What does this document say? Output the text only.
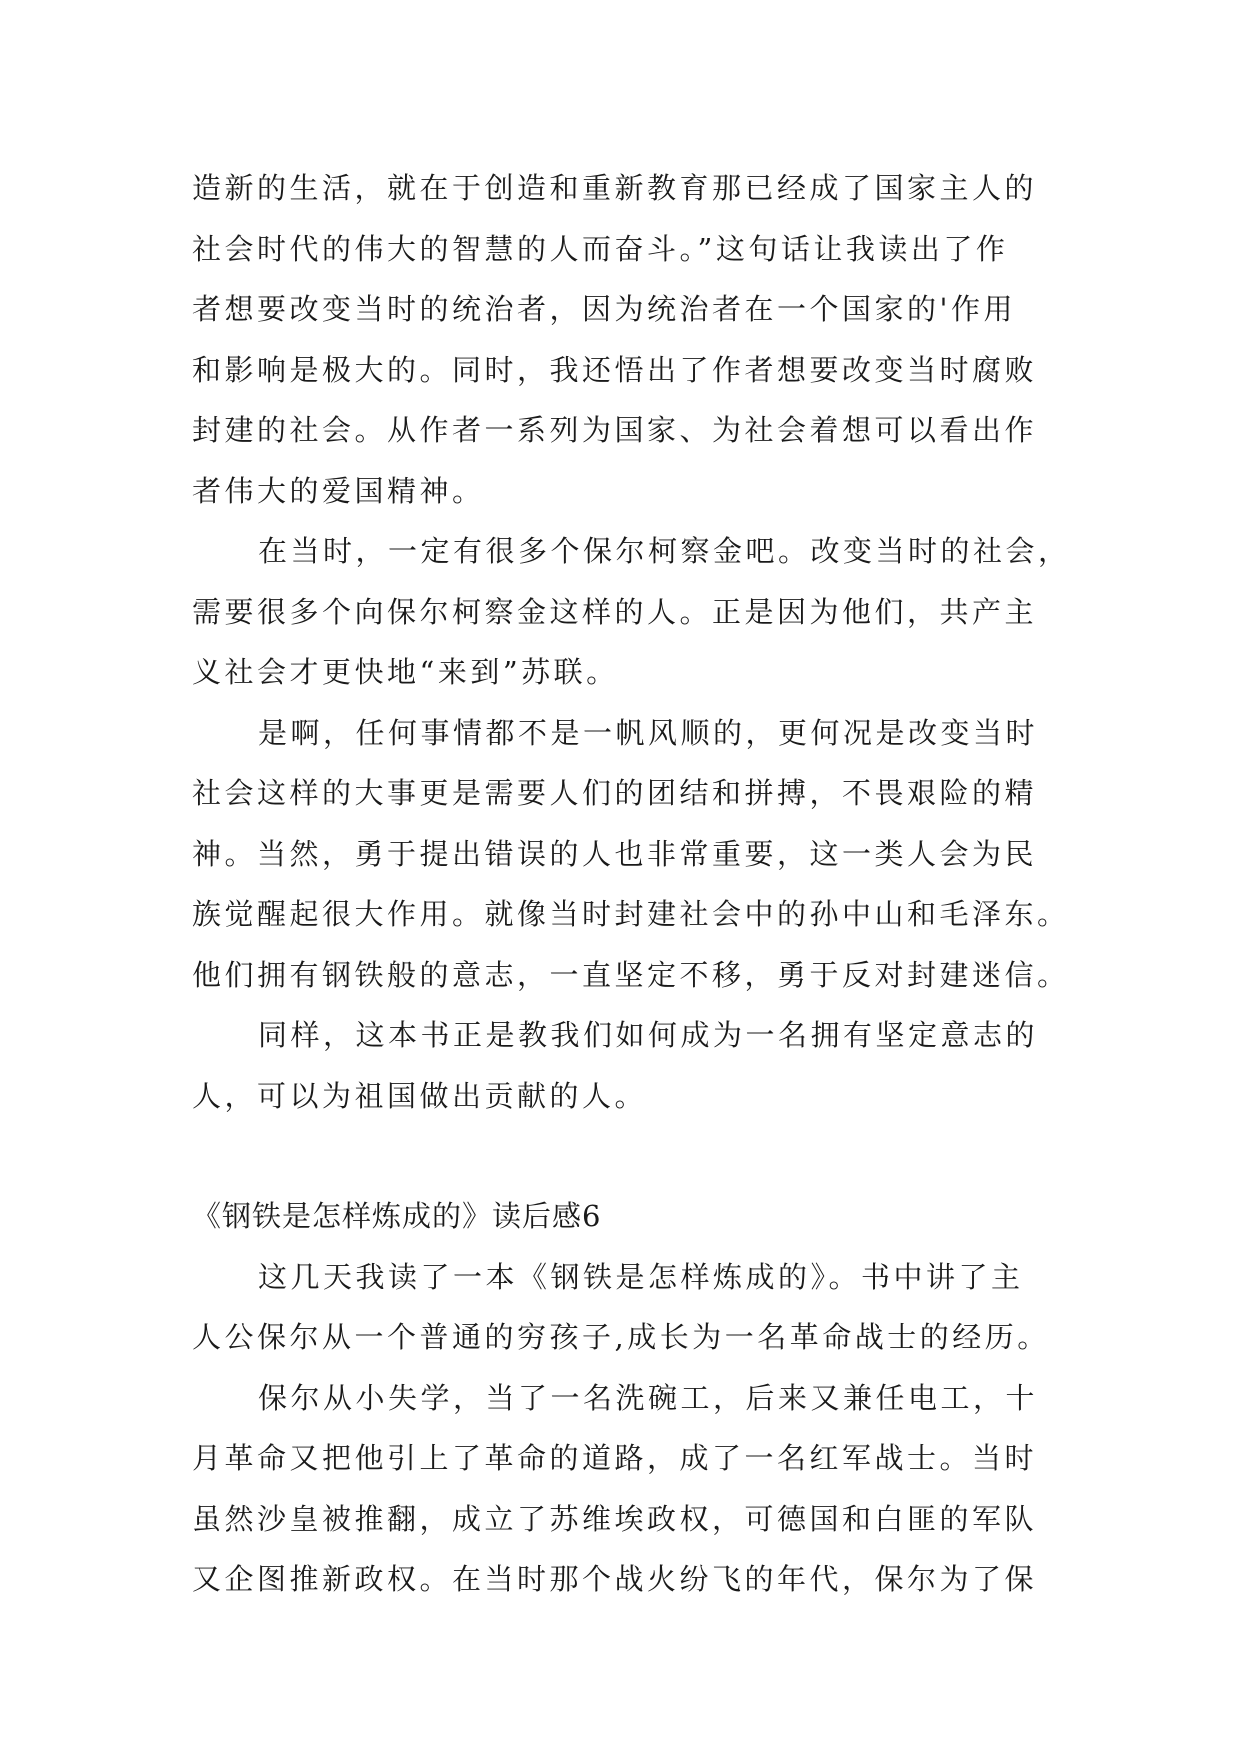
造新的生活，就在于创造和重新教育那已经成了国家主人的
社会时代的伟大的智慧的人而奋斗。”这句话让我读出了作
者想要改变当时的统治者，因为统治者在一个国家的'作用
和影响是极大的。同时，我还悟出了作者想要改变当时腐败
封建的社会。从作者一系列为国家、为社会着想可以看出作
者伟大的爱国精神。
在当时，一定有很多个保尔柯察金吧。改变当时的社会，
需要很多个向保尔柯察金这样的人。正是因为他们，共产主
义社会才更快地“来到”苏联。
是啊，任何事情都不是一帆风顺的，更何况是改变当时
社会这样的大事更是需要人们的团结和拼搏，不畏艰险的精
神。当然，勇于提出错误的人也非常重要，这一类人会为民
族觉醒起很大作用。就像当时封建社会中的孙中山和毛泽东。
他们拥有钢铁般的意志，一直坚定不移，勇于反对封建迷信。
同样，这本书正是教我们如何成为一名拥有坚定意志的
人，可以为祖国做出贡献的人。
《钢铁是怎样炼成的》读后感6
这几天我读了一本《钢铁是怎样炼成的》。书中讲了主
人公保尔从一个普通的穷孩子,成长为一名革命战士的经历。
保尔从小失学，当了一名洗碗工，后来又兼任电工，十
月革命又把他引上了革命的道路，成了一名红军战士。当时
虽然沙皇被推翻，成立了苏维埃政权，可德国和白匪的军队
又企图推新政权。在当时那个战火纷飞的年代，保尔为了保
